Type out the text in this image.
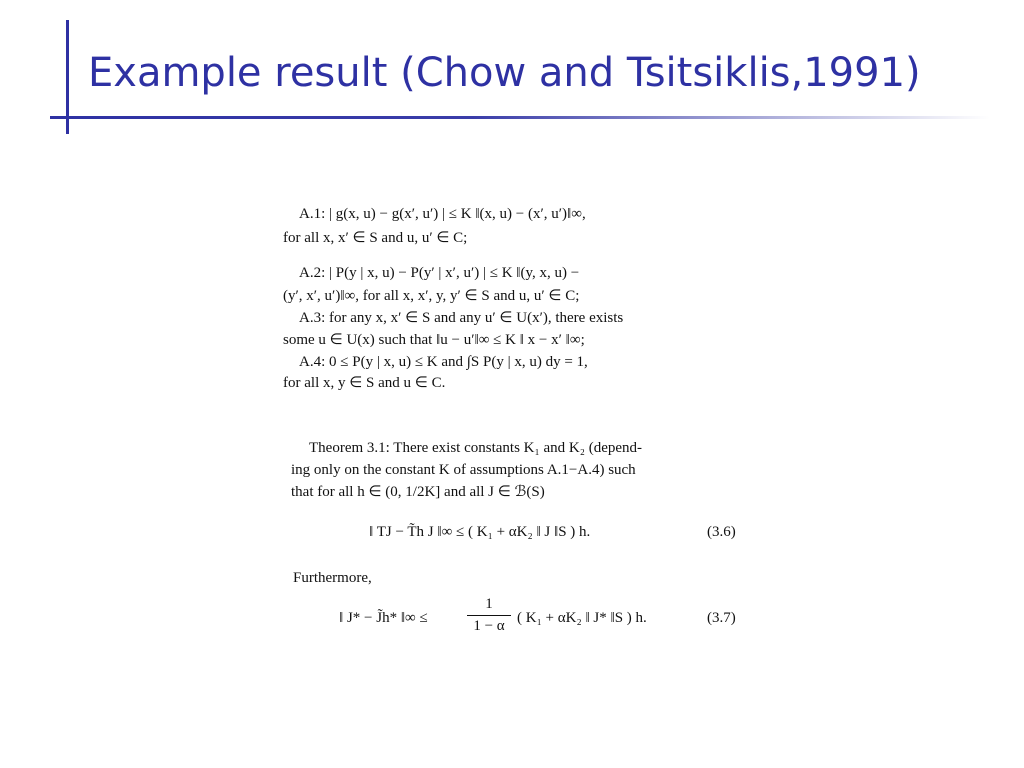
Example result (Chow and Tsitsiklis,1991)
A.1: | g(x, u) − g(x′, u′) | ≤ K ‖(x, u) − (x′, u′)‖∞,
for all x, x′ ∈ S and u, u′ ∈ C;
A.2: | P(y | x, u) − P(y′ | x′, u′) | ≤ K ‖(y, x, u) −
(y′, x′, u′)‖∞, for all x, x′, y, y′ ∈ S and u, u′ ∈ C;
A.3: for any x, x′ ∈ S and any u′ ∈ U(x′), there exists
some u ∈ U(x) such that ‖u − u′‖∞ ≤ K ‖ x − x′ ‖∞;
A.4: 0 ≤ P(y | x, u) ≤ K and ∫S P(y | x, u) dy = 1,
for all x, y ∈ S and u ∈ C.
Theorem 3.1: There exist constants K₁ and K₂ (depend-
ing only on the constant K of assumptions A.1−A.4) such
that for all h ∈ (0, 1/2K] and all J ∈ ℬ(S)
‖ TJ − T̃h J ‖∞ ≤ ( K₁ + αK₂ ‖ J ‖S ) h.	(3.6)
Furthermore,
‖ J* − J̃h* ‖∞ ≤
1
1 − α ( K₁ + αK₂ ‖ J* ‖S ) h.	(3.7)
